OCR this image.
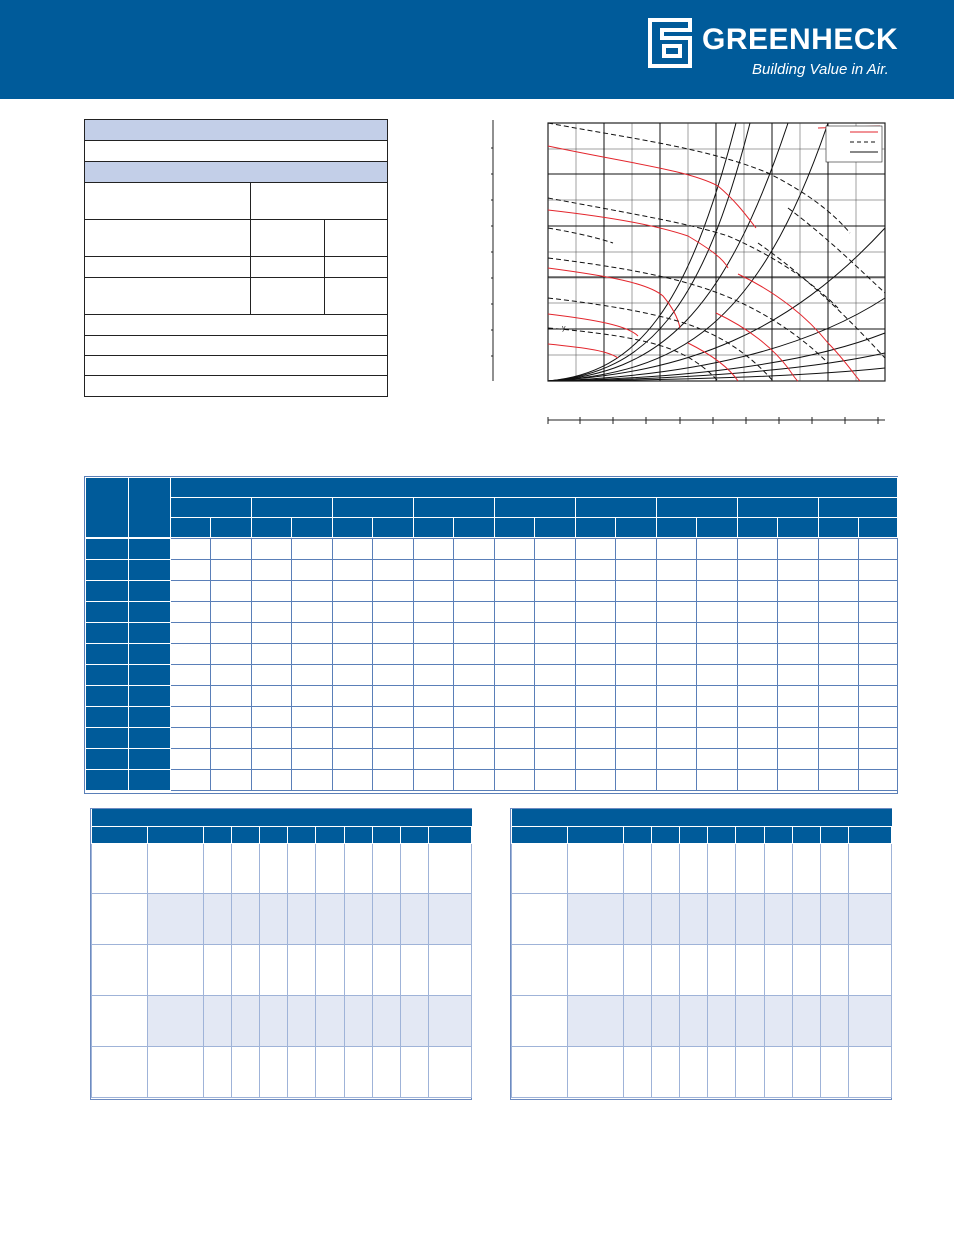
GREENHECK
Building Value in Air.
y
